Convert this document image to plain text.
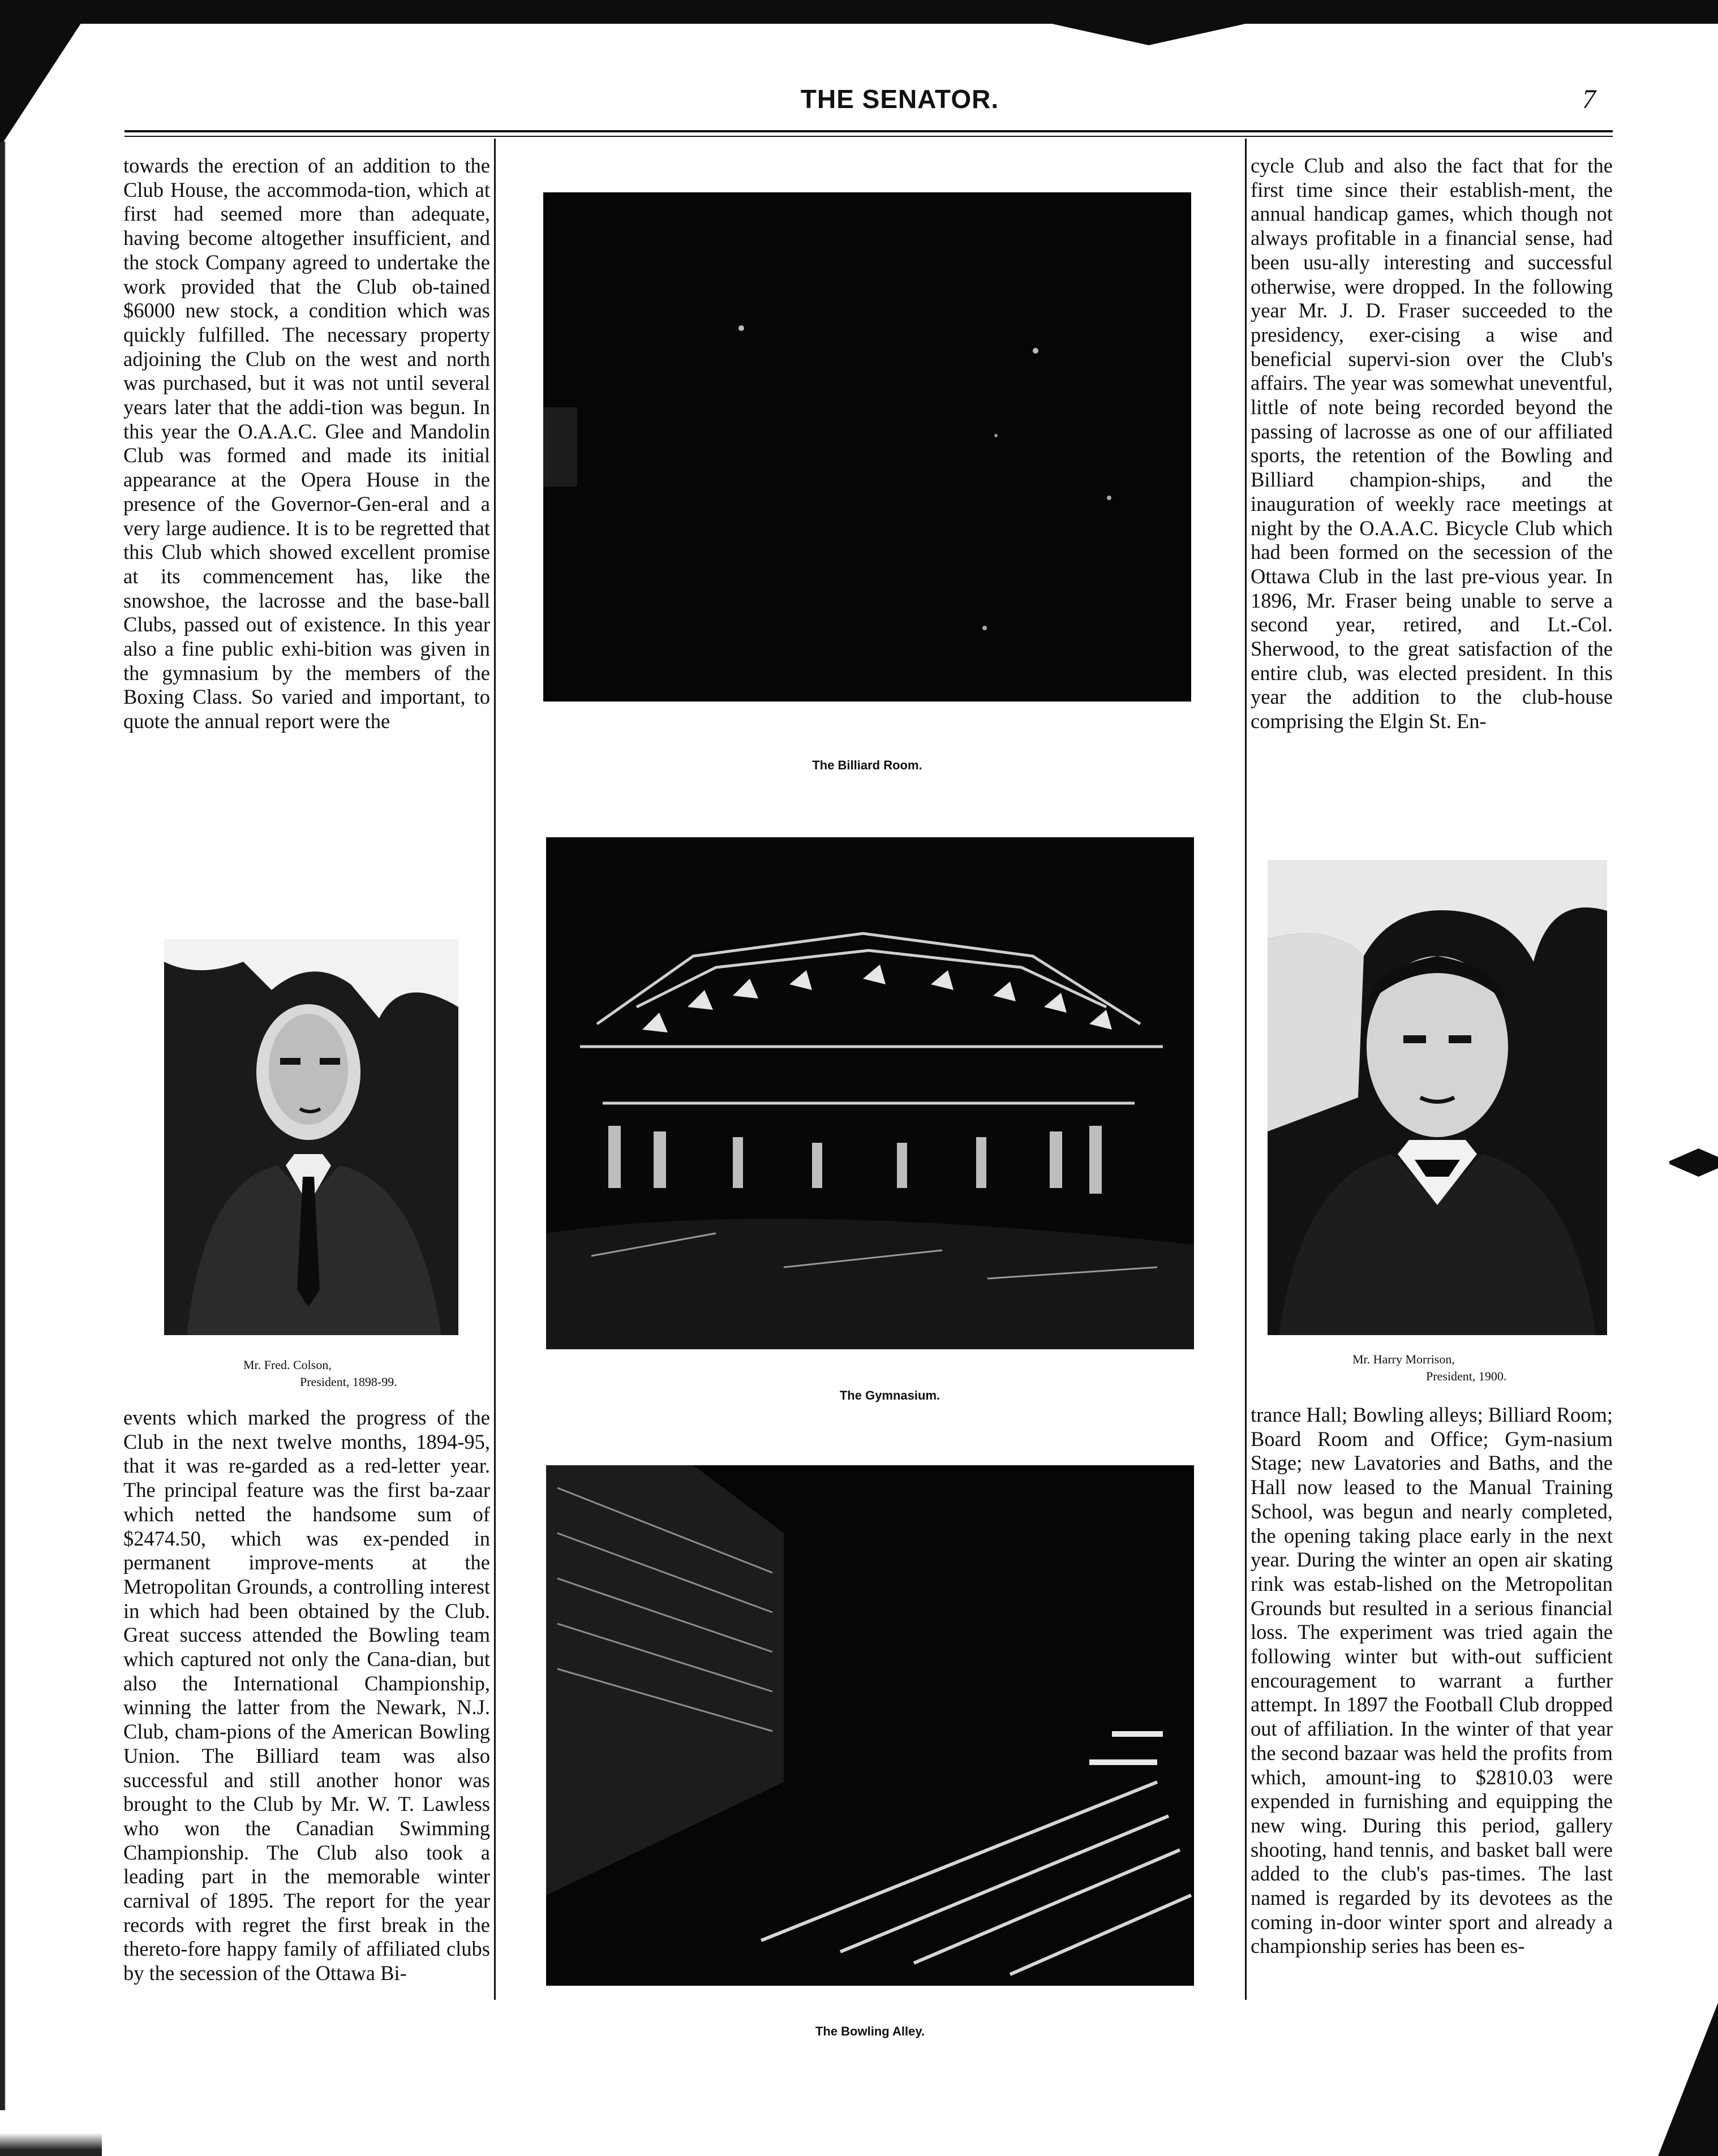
THE SENATOR.	7

towards the erection of an addition to the Club House, the accommoda-tion, which at first had seemed more than adequate, having become altogether insufficient, and the stock Company agreed to undertake the work provided that the Club ob-tained $6000 new stock, a condition which was quickly fulfilled. The necessary property adjoining the Club on the west and north was purchased, but it was not until several years later that the addi-tion was begun. In this year the O.A.A.C. Glee and Mandolin Club was formed and made its initial appearance at the Opera House in the presence of the Governor-Gen-eral and a very large audience. It is to be regretted that this Club which showed excellent promise at its commencement has, like the snowshoe, the lacrosse and the base-ball Clubs, passed out of existence. In this year also a fine public exhi-bition was given in the gymnasium by the members of the Boxing Class. So varied and important, to quote the annual report were the

Mr. Fred. Colson,
President, 1898-99.

events which marked the progress of the Club in the next twelve months, 1894-95, that it was re-garded as a red-letter year. The principal feature was the first ba-zaar which netted the handsome sum of $2474.50, which was ex-pended in permanent improve-ments at the Metropolitan Grounds, a controlling interest in which had been obtained by the Club. Great success attended the Bowling team which captured not only the Cana-dian, but also the International Championship, winning the latter from the Newark, N.J. Club, cham-pions of the American Bowling Union. The Billiard team was also successful and still another honor was brought to the Club by Mr. W. T. Lawless who won the Canadian Swimming Championship. The Club also took a leading part in the memorable winter carnival of 1895. The report for the year records with regret the first break in the thereto-fore happy family of affiliated clubs by the secession of the Ottawa Bi-

The Billiard Room.
The Gymnasium.
The Bowling Alley.

cycle Club and also the fact that for the first time since their establish-ment, the annual handicap games, which though not always profitable in a financial sense, had been usu-ally interesting and successful otherwise, were dropped. In the following year Mr. J. D. Fraser succeeded to the presidency, exer-cising a wise and beneficial supervi-sion over the Club's affairs. The year was somewhat uneventful, little of note being recorded beyond the passing of lacrosse as one of our affiliated sports, the retention of the Bowling and Billiard champion-ships, and the inauguration of weekly race meetings at night by the O.A.A.C. Bicycle Club which had been formed on the secession of the Ottawa Club in the last pre-vious year. In 1896, Mr. Fraser being unable to serve a second year, retired, and Lt.-Col. Sherwood, to the great satisfaction of the entire club, was elected president. In this year the addition to the club-house comprising the Elgin St. En-

Mr. Harry Morrison,
President, 1900.

trance Hall; Bowling alleys; Billiard Room; Board Room and Office; Gym-nasium Stage; new Lavatories and Baths, and the Hall now leased to the Manual Training School, was begun and nearly completed, the opening taking place early in the next year. During the winter an open air skating rink was estab-lished on the Metropolitan Grounds but resulted in a serious financial loss. The experiment was tried again the following winter but with-out sufficient encouragement to warrant a further attempt. In 1897 the Football Club dropped out of affiliation. In the winter of that year the second bazaar was held the profits from which, amount-ing to $2810.03 were expended in furnishing and equipping the new wing. During this period, gallery shooting, hand tennis, and basket ball were added to the club's pas-times. The last named is regarded by its devotees as the coming in-door winter sport and already a championship series has been es-
